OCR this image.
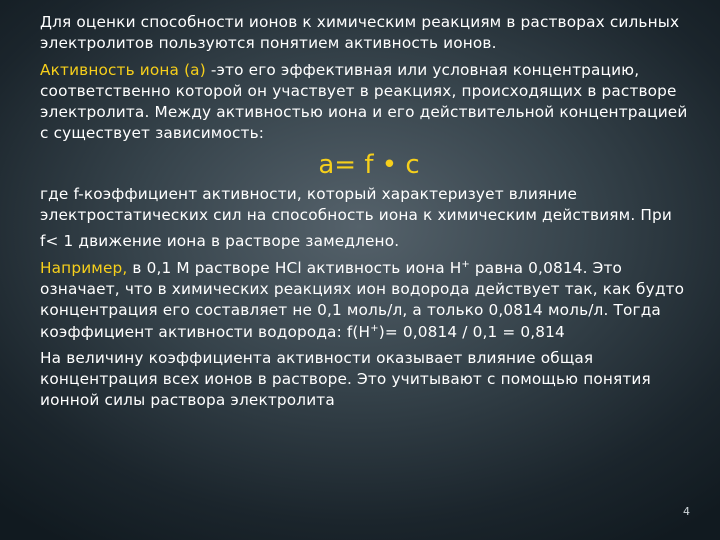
Для оценки способности ионов к химическим реакциям в растворах сильных электролитов пользуются понятием активность ионов.

Активность иона (а) -это его эффективная или условная концентрацию, соответственно которой он участвует в реакциях, происходящих в растворе электролита. Между активностью иона и его действительной концентрацией с существует зависимость:

a= f • c

где f-коэффициент активности, который характеризует влияние электростатических сил на способность иона к химическим действиям. При

f< 1 движение иона в растворе замедлено.

Например, в 0,1 М растворе HCl активность иона H+ равна 0,0814. Это означает, что в химических реакциях ион водорода действует так, как будто концентрация его составляет не 0,1 моль/л, а только 0,0814 моль/л. Тогда коэффициент активности водорода: f(H+)= 0,0814 / 0,1 = 0,814

На величину коэффициента активности оказывает влияние общая концентрация всех ионов в растворе. Это учитывают с помощью понятия ионной силы раствора электролита

4
